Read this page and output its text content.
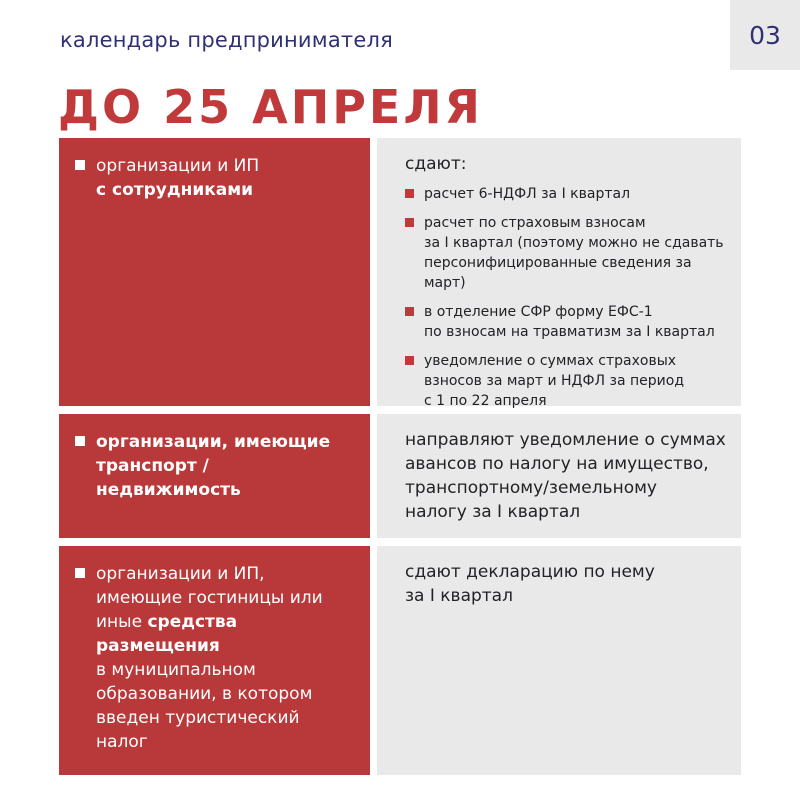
календарь предпринимателя	03
ДО 25 АПРЕЛЯ
организации и ИП
с сотрудниками
сдают:
расчет 6-НДФЛ за I квартал
расчет по страховым взносам
за I квартал (поэтому можно не сдавать
персонифицированные сведения за март)
в отделение СФР форму ЕФС-1
по взносам на травматизм за I квартал
уведомление о суммах страховых
взносов за март и НДФЛ за период
с 1 по 22 апреля
организации, имеющие
транспорт /
недвижимость
направляют уведомление о суммах
авансов по налогу на имущество,
транспортному/земельному
налогу за I квартал
организации и ИП,
имеющие гостиницы или
иные средства
размещения
в муниципальном
образовании, в котором
введен туристический
налог
сдают декларацию по нему
за I квартал
